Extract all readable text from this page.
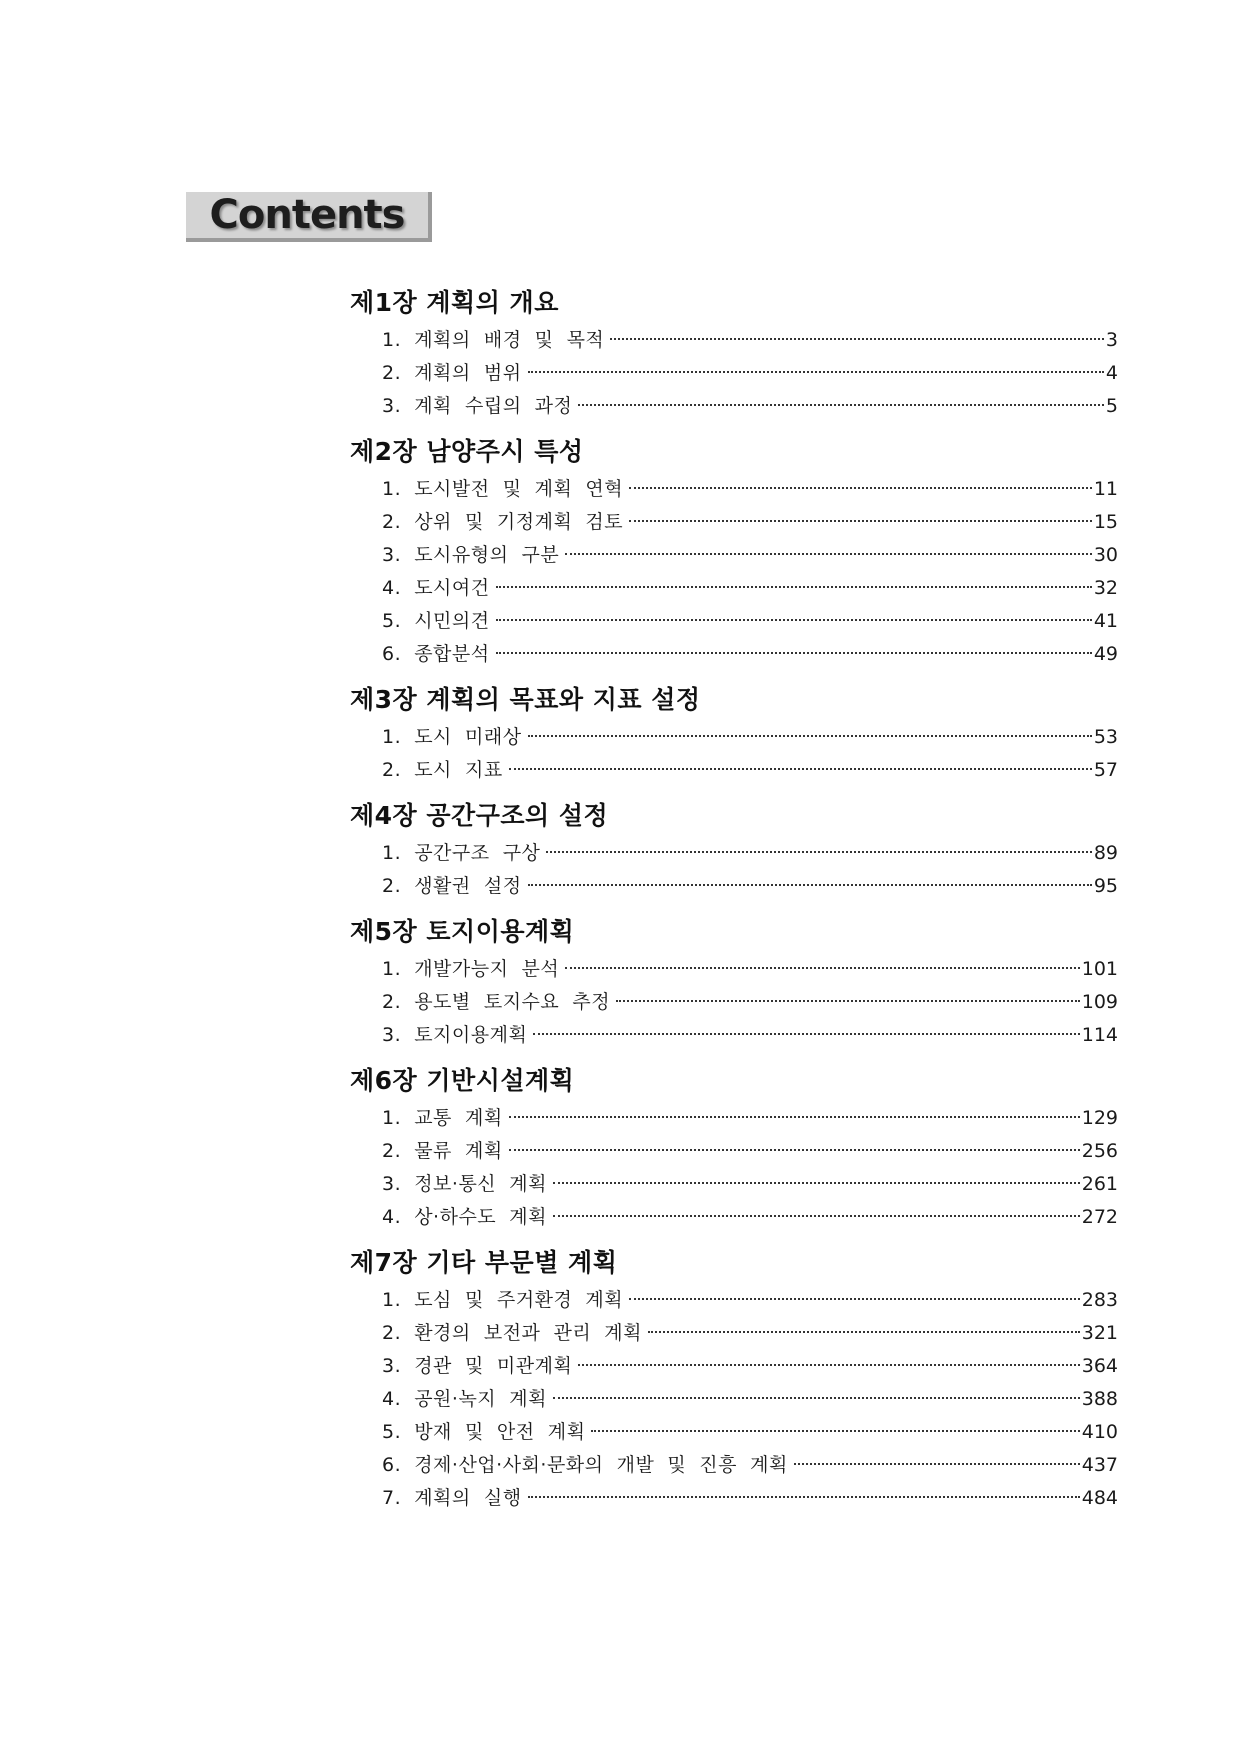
Contents
제1장 계획의 개요
1.  계획의  배경  및  목적	3
2.  계획의  범위	4
3.  계획  수립의  과정	5
제2장 남양주시 특성
1.  도시발전  및  계획  연혁	11
2.  상위  및  기정계획  검토	15
3.  도시유형의  구분	30
4.  도시여건	32
5.  시민의견	41
6.  종합분석	49
제3장 계획의 목표와 지표 설정
1.  도시  미래상	53
2.  도시  지표	57
제4장 공간구조의 설정
1.  공간구조  구상	89
2.  생활권  설정	95
제5장 토지이용계획
1.  개발가능지  분석	101
2.  용도별  토지수요  추정	109
3.  토지이용계획	114
제6장 기반시설계획
1.  교통  계획	129
2.  물류  계획	256
3.  정보·통신  계획	261
4.  상·하수도  계획	272
제7장 기타 부문별 계획
1.  도심  및  주거환경  계획	283
2.  환경의  보전과  관리  계획	321
3.  경관  및  미관계획	364
4.  공원·녹지  계획	388
5.  방재  및  안전  계획	410
6.  경제·산업·사회·문화의  개발  및  진흥  계획	437
7.  계획의  실행	484
